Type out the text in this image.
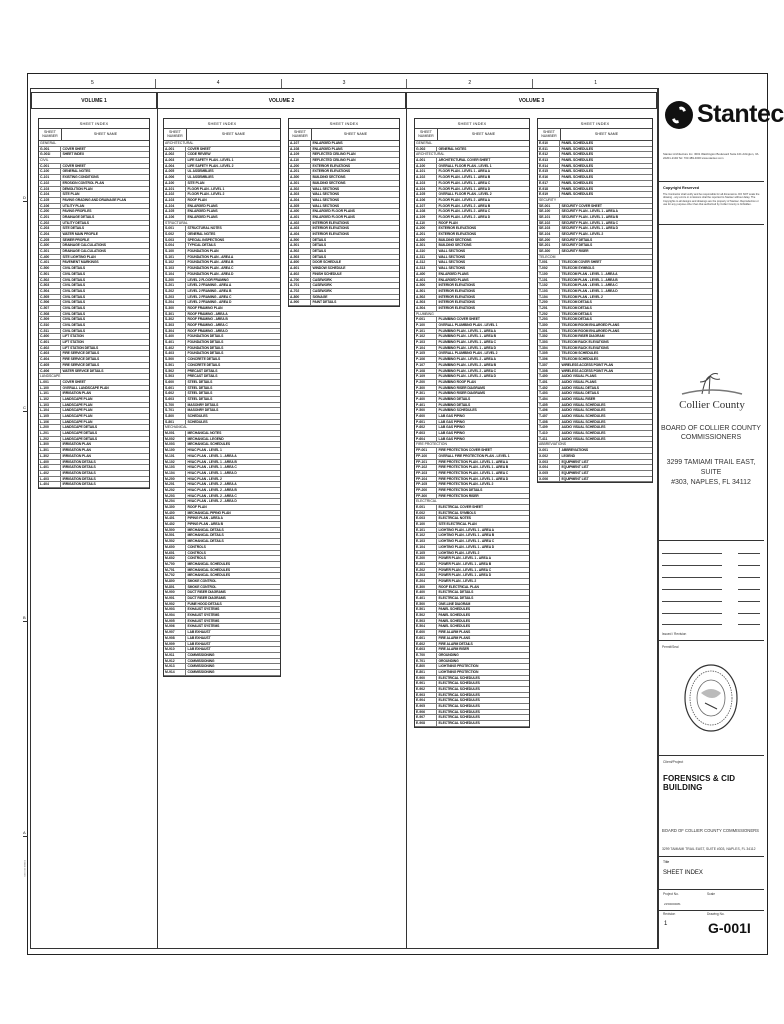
5	4	3	2	1
VOLUME 1	VOLUME 2	VOLUME 3
SHEET INDEX
SHEET NUMBER	SHEET NAME
GENERAL
G-001	COVER SHEET
G-001I	SHEET INDEX
CIVIL
C-001	COVER SHEET
C-100	GENERAL NOTES
C-101	EXISTING CONDITIONS
C-102	EROSION CONTROL PLAN
C-103	DEMOLITION PLAN
C-104	SITE PLAN
C-105	PAVING GRADING AND DRAINAGE PLAN
C-106	UTILITY PLAN
C-200	PAVING PROFILES
C-201	DRAINAGE DETAILS
C-202	UTILITY DETAILS
C-203	SITE DETAILS
C-204	WATER MAIN PROFILE
C-205	SEWER PROFILE
C-300	DRAINAGE CALCULATIONS
C-301	DRAINAGE CALCULATIONS
C-400	SITE LIGHTING PLAN
C-401	PAVEMENT MARKINGS
C-500	CIVIL DETAILS
C-501	CIVIL DETAILS
C-502	CIVIL DETAILS
C-503	CIVIL DETAILS
C-504	CIVIL DETAILS
C-505	CIVIL DETAILS
C-506	CIVIL DETAILS
C-507	CIVIL DETAILS
C-508	CIVIL DETAILS
C-509	CIVIL DETAILS
C-510	CIVIL DETAILS
C-511	CIVIL DETAILS
C-600	LIFT STATION
C-601	LIFT STATION
C-602	LIFT STATION DETAILS
C-603	FIRE SERVICE DETAILS
C-604	FIRE SERVICE DETAILS
C-605	FIRE SERVICE DETAILS
C-606	WATER SERVICE DETAILS
LANDSCAPE
L-001	COVER SHEET
L-100	OVERALL LANDSCAPE PLAN
L-101	IRRIGATION PLAN
L-102	LANDSCAPE PLAN
L-103	LANDSCAPE PLAN
L-104	LANDSCAPE PLAN
L-105	LANDSCAPE PLAN
L-106	LANDSCAPE PLAN
L-200	LANDSCAPE DETAILS
L-201	LANDSCAPE DETAILS
L-202	LANDSCAPE DETAILS
L-300	IRRIGATION PLAN
L-301	IRRIGATION PLAN
L-302	IRRIGATION PLAN
L-400	IRRIGATION DETAILS
L-401	IRRIGATION DETAILS
L-402	IRRIGATION DETAILS
L-403	IRRIGATION DETAILS
L-404	IRRIGATION DETAILS
SHEET INDEX
SHEET NUMBER	SHEET NAME
ARCHITECTURAL
A-001	COVER SHEET
A-002	CODE REVIEW
A-003	LIFE SAFETY PLAN - LEVEL 1
A-004	LIFE SAFETY PLAN - LEVEL 2
A-005	UL ASSEMBLIES
A-006	UL ASSEMBLIES
A-100	SITE PLAN
A-101	FLOOR PLAN - LEVEL 1
A-102	FLOOR PLAN - LEVEL 2
A-103	ROOF PLAN
A-104	ENLARGED PLANS
A-105	ENLARGED PLANS
A-106	ENLARGED PLANS
STRUCTURAL
S-001	STRUCTURAL NOTES
S-002	GENERAL NOTES
S-003	SPECIAL INSPECTIONS
S-004	TYPICAL DETAILS
S-100	FOUNDATION PLAN
S-101	FOUNDATION PLAN - AREA A
S-102	FOUNDATION PLAN - AREA B
S-103	FOUNDATION PLAN - AREA C
S-104	FOUNDATION PLAN - AREA D
S-200	LEVEL 2 FLOOR FRAMING
S-201	LEVEL 2 FRAMING - AREA A
S-202	LEVEL 2 FRAMING - AREA B
S-203	LEVEL 2 FRAMING - AREA C
S-204	LEVEL 2 FRAMING - AREA D
S-300	ROOF FRAMING PLAN
S-301	ROOF FRAMING - AREA A
S-302	ROOF FRAMING - AREA B
S-303	ROOF FRAMING - AREA C
S-304	ROOF FRAMING - AREA D
S-400	FOUNDATION DETAILS
S-401	FOUNDATION DETAILS
S-402	FOUNDATION DETAILS
S-403	FOUNDATION DETAILS
S-500	CONCRETE DETAILS
S-501	CONCRETE DETAILS
S-502	PRECAST DETAILS
S-503	PRECAST DETAILS
S-600	STEEL DETAILS
S-601	STEEL DETAILS
S-602	STEEL DETAILS
S-603	STEEL DETAILS
S-700	MASONRY DETAILS
S-701	MASONRY DETAILS
S-800	SCHEDULES
S-801	SCHEDULES
MECHANICAL
M-001	MECHANICAL NOTES
M-002	MECHANICAL LEGEND
M-003	MECHANICAL SCHEDULES
M-100	HVAC PLAN - LEVEL 1
M-101	HVAC PLAN - LEVEL 1 - AREA A
M-102	HVAC PLAN - LEVEL 1 - AREA B
M-103	HVAC PLAN - LEVEL 1 - AREA C
M-104	HVAC PLAN - LEVEL 1 - AREA D
M-200	HVAC PLAN - LEVEL 2
M-201	HVAC PLAN - LEVEL 2 - AREA A
M-202	HVAC PLAN - LEVEL 2 - AREA B
M-203	HVAC PLAN - LEVEL 2 - AREA C
M-204	HVAC PLAN - LEVEL 2 - AREA D
M-300	ROOF PLAN
M-400	MECHANICAL PIPING PLAN
M-401	PIPING PLAN - AREA A
M-402	PIPING PLAN - AREA B
M-500	MECHANICAL DETAILS
M-501	MECHANICAL DETAILS
M-502	MECHANICAL DETAILS
M-600	CONTROLS
M-601	CONTROLS
M-602	CONTROLS
M-700	MECHANICAL SCHEDULES
M-701	MECHANICAL SCHEDULES
M-702	MECHANICAL SCHEDULES
M-800	SMOKE CONTROL
M-801	SMOKE CONTROL
M-900	DUCT RISER DIAGRAMS
M-901	DUCT RISER DIAGRAMS
M-902	FUME HOOD DETAILS
M-903	EXHAUST SYSTEMS
M-904	EXHAUST SYSTEMS
M-905	EXHAUST SYSTEMS
M-906	EXHAUST SYSTEMS
M-907	LAB EXHAUST
M-908	LAB EXHAUST
M-909	LAB EXHAUST
M-910	LAB EXHAUST
M-911	COMMISSIONING
M-912	COMMISSIONING
M-913	COMMISSIONING
M-914	COMMISSIONING
SHEET INDEX
SHEET NUMBER	SHEET NAME
A-107	ENLARGED PLANS
A-108	ENLARGED PLANS
A-109	REFLECTED CEILING PLAN
A-110	REFLECTED CEILING PLAN
A-200	EXTERIOR ELEVATIONS
A-201	EXTERIOR ELEVATIONS
A-300	BUILDING SECTIONS
A-301	BUILDING SECTIONS
A-302	WALL SECTIONS
A-303	WALL SECTIONS
A-304	WALL SECTIONS
A-305	WALL SECTIONS
A-400	ENLARGED FLOOR PLANS
A-401	ENLARGED FLOOR PLANS
A-402	INTERIOR ELEVATIONS
A-403	INTERIOR ELEVATIONS
A-404	INTERIOR ELEVATIONS
A-500	DETAILS
A-501	DETAILS
A-502	DETAILS
A-503	DETAILS
A-600	DOOR SCHEDULE
A-601	WINDOW SCHEDULE
A-602	FINISH SCHEDULE
A-700	CASEWORK
A-701	CASEWORK
A-702	CASEWORK
A-800	SIGNAGE
A-900	PAINT DETAILS
SHEET INDEX
SHEET NUMBER	SHEET NAME
GENERAL
G-002	GENERAL NOTES
ARCHITECTURAL
A-001	ARCHITECTURAL COVER SHEET
A-100	OVERALL FLOOR PLAN - LEVEL 1
A-101	FLOOR PLAN - LEVEL 1 - AREA A
A-102	FLOOR PLAN - LEVEL 1 - AREA B
A-103	FLOOR PLAN - LEVEL 1 - AREA C
A-104	FLOOR PLAN - LEVEL 1 - AREA D
A-105	OVERALL FLOOR PLAN - LEVEL 2
A-106	FLOOR PLAN - LEVEL 2 - AREA A
A-107	FLOOR PLAN - LEVEL 2 - AREA B
A-108	FLOOR PLAN - LEVEL 2 - AREA C
A-109	FLOOR PLAN - LEVEL 2 - AREA D
A-110	ROOF PLAN
A-200	EXTERIOR ELEVATIONS
A-201	EXTERIOR ELEVATIONS
A-300	BUILDING SECTIONS
A-301	BUILDING SECTIONS
A-310	WALL SECTIONS
A-311	WALL SECTIONS
A-312	WALL SECTIONS
A-313	WALL SECTIONS
A-400	ENLARGED PLANS
A-401	ENLARGED PLANS
A-500	INTERIOR ELEVATIONS
A-501	INTERIOR ELEVATIONS
A-502	INTERIOR ELEVATIONS
A-503	INTERIOR ELEVATIONS
A-504	INTERIOR ELEVATIONS
PLUMBING
P-001	PLUMBING COVER SHEET
P-100	OVERALL PLUMBING PLAN - LEVEL 1
P-101	PLUMBING PLAN - LEVEL 1 - AREA A
P-102	PLUMBING PLAN - LEVEL 1 - AREA B
P-103	PLUMBING PLAN - LEVEL 1 - AREA C
P-104	PLUMBING PLAN - LEVEL 1 - AREA D
P-105	OVERALL PLUMBING PLAN - LEVEL 2
P-106	PLUMBING PLAN - LEVEL 2 - AREA A
P-107	PLUMBING PLAN - LEVEL 2 - AREA B
P-108	PLUMBING PLAN - LEVEL 2 - AREA C
P-109	PLUMBING PLAN - LEVEL 2 - AREA D
P-200	PLUMBING ROOF PLAN
P-300	PLUMBING RISER DIAGRAMS
P-301	PLUMBING RISER DIAGRAMS
P-400	PLUMBING DETAILS
P-401	PLUMBING DETAILS
P-500	PLUMBING SCHEDULES
P-600	LAB GAS PIPING
P-601	LAB GAS PIPING
P-602	LAB GAS PIPING
P-603	LAB GAS PIPING
P-604	LAB GAS PIPING
FIRE PROTECTION
FP-001	FIRE PROTECTION COVER SHEET
FP-100	OVERALL FIRE PROTECTION PLAN - LEVEL 1
FP-101	FIRE PROTECTION PLAN - LEVEL 1 - AREA A
FP-102	FIRE PROTECTION PLAN - LEVEL 1 - AREA B
FP-103	FIRE PROTECTION PLAN - LEVEL 1 - AREA C
FP-104	FIRE PROTECTION PLAN - LEVEL 1 - AREA D
FP-105	FIRE PROTECTION PLAN - LEVEL 2
FP-200	FIRE PROTECTION DETAILS
FP-300	FIRE PROTECTION RISER
ELECTRICAL
E-001	ELECTRICAL COVER SHEET
E-002	ELECTRICAL SYMBOLS
E-003	ELECTRICAL NOTES
E-100	SITE ELECTRICAL PLAN
E-101	LIGHTING PLAN - LEVEL 1 - AREA A
E-102	LIGHTING PLAN - LEVEL 1 - AREA B
E-103	LIGHTING PLAN - LEVEL 1 - AREA C
E-104	LIGHTING PLAN - LEVEL 1 - AREA D
E-105	LIGHTING PLAN - LEVEL 2
E-200	POWER PLAN - LEVEL 1 - AREA A
E-201	POWER PLAN - LEVEL 1 - AREA B
E-202	POWER PLAN - LEVEL 1 - AREA C
E-203	POWER PLAN - LEVEL 1 - AREA D
E-204	POWER PLAN - LEVEL 2
E-300	ROOF ELECTRICAL PLAN
E-400	ELECTRICAL DETAILS
E-401	ELECTRICAL DETAILS
E-500	ONE-LINE DIAGRAM
E-501	PANEL SCHEDULES
E-502	PANEL SCHEDULES
E-503	PANEL SCHEDULES
E-504	PANEL SCHEDULES
E-600	FIRE ALARM PLANS
E-601	FIRE ALARM PLANS
E-602	FIRE ALARM DETAILS
E-603	FIRE ALARM RISER
E-700	GROUNDING
E-701	GROUNDING
E-800	LIGHTNING PROTECTION
E-801	LIGHTNING PROTECTION
E-900	ELECTRICAL SCHEDULES
E-901	ELECTRICAL SCHEDULES
E-902	ELECTRICAL SCHEDULES
E-903	ELECTRICAL SCHEDULES
E-904	ELECTRICAL SCHEDULES
E-905	ELECTRICAL SCHEDULES
E-906	ELECTRICAL SCHEDULES
E-907	ELECTRICAL SCHEDULES
E-908	ELECTRICAL SCHEDULES
SHEET INDEX
SHEET NUMBER	SHEET NAME
E-910	PANEL SCHEDULES
E-911	PANEL SCHEDULES
E-912	PANEL SCHEDULES
E-913	PANEL SCHEDULES
E-914	PANEL SCHEDULES
E-915	PANEL SCHEDULES
E-916	PANEL SCHEDULES
E-917	PANEL SCHEDULES
E-918	PANEL SCHEDULES
E-919	PANEL SCHEDULES
SECURITY
SE-001	SECURITY COVER SHEET
SE-100	SECURITY PLAN - LEVEL 1 - AREA A
SE-101	SECURITY PLAN - LEVEL 1 - AREA B
SE-102	SECURITY PLAN - LEVEL 1 - AREA C
SE-103	SECURITY PLAN - LEVEL 1 - AREA D
SE-104	SECURITY PLAN - LEVEL 2
SE-200	SECURITY DETAILS
SE-201	SECURITY DETAILS
SE-300	SECURITY RISER
TELECOM
T-001	TELECOM COVER SHEET
T-002	TELECOM SYMBOLS
T-100	TELECOM PLAN - LEVEL 1 - AREA A
T-101	TELECOM PLAN - LEVEL 1 - AREA B
T-102	TELECOM PLAN - LEVEL 1 - AREA C
T-103	TELECOM PLAN - LEVEL 1 - AREA D
T-104	TELECOM PLAN - LEVEL 2
T-200	TELECOM DETAILS
T-201	TELECOM DETAILS
T-202	TELECOM DETAILS
T-203	TELECOM DETAILS
T-300	TELECOM ROOM ENLARGED PLANS
T-301	TELECOM ROOM ENLARGED PLANS
T-302	TELECOM RISER DIAGRAM
T-303	TELECOM RACK ELEVATIONS
T-304	TELECOM RACK ELEVATIONS
T-305	TELECOM SCHEDULES
T-306	TELECOM SCHEDULES
T-307	WIRELESS ACCESS POINT PLAN
T-308	WIRELESS ACCESS POINT PLAN
T-400	AUDIO VISUAL PLANS
T-401	AUDIO VISUAL PLANS
T-402	AUDIO VISUAL DETAILS
T-403	AUDIO VISUAL DETAILS
T-404	AUDIO VISUAL RISER
T-405	AUDIO VISUAL SCHEDULES
T-406	AUDIO VISUAL SCHEDULES
T-407	AUDIO VISUAL SCHEDULES
T-408	AUDIO VISUAL SCHEDULES
T-409	AUDIO VISUAL SCHEDULES
T-410	AUDIO VISUAL SCHEDULES
T-411	AUDIO VISUAL SCHEDULES
ABBREVIATIONS
X-001	ABBREVIATIONS
X-002	LEGEND
X-003	EQUIPMENT LIST
X-004	EQUIPMENT LIST
X-005	EQUIPMENT LIST
X-006	EQUIPMENT LIST
D
C
B
A
FORMS 2011 REV.
Stantec
Stantec Architecture Inc. 3001 Washington Boulevard Suite 101 Arlington, VA 22201-2194 Tel: 703.489.4000 www.stantec.com
Copyright Reserved
The Contractor shall verify and be responsible for all dimensions. DO NOT scale the drawing - any errors or omissions shall be reported to Stantec without delay. The Copyrights to all designs and drawings are the property of Stantec. Reproduction or use for any purpose other than that authorized by Collier County is forbidden.
Collier County
BOARD OF COLLIER COUNTY COMMISSIONERS
3299 TAMIAMI TRAIL EAST, SUITE
#303, NAPLES, FL 34112
Issued / Revision
Permit/Seal
Client/Project
FORENSICS & CID BUILDING
BOARD OF COLLIER COUNTY COMMISSIONERS
3299 TAMIAMI TRAIL EAST, SUITE #303, NAPLES, FL 34112
Title
SHEET INDEX
Project No.	Scale
2150000081
Revision	Drawing No.
1	G-001I
